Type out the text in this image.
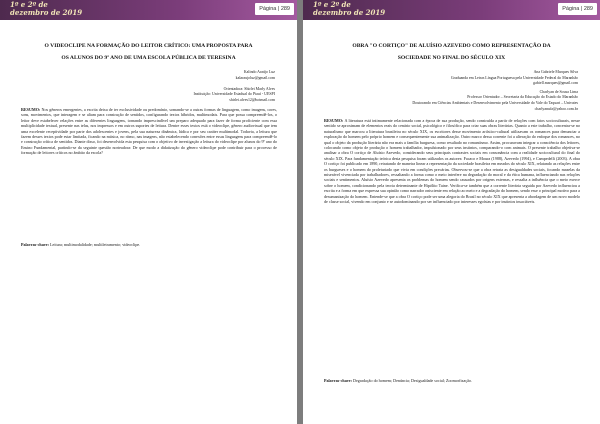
1º e 2º de
dezembro de 2019	Página | 289
O VIDEOCLIPE NA FORMAÇÃO DO LEITOR CRÍTICO: UMA PROPOSTA PARA
OS ALUNOS DO 9º ANO DE UMA ESCOLA PÚBLICA DE TERESINA
Kalindo Araújo Luz
kalaraujoluz@gmail.com
Orientadora: Shirlei Marly Alves
Instituição: Universidade Estadual do Piauí - UESPI
shirlei.alves12@hotmail.com
RESUMO: Nos gêneros emergentes, a escrita deixa de ter exclusividade ou predomínio, somando-se a outras formas de linguagem, como imagens, cores, sons, movimentos, que interagem e se aliam para construção de sentidos, configurando textos híbridos, multimodais. Para que possa compreendê-los, o leitor deve estabelecer relações entre as diferentes linguagens, tornando imprescindível um preparo adequado para fazer de forma proficiente com essa multiplicidade textual, presente nas telas, nos impressos e em outros suportes de leitura. Dentre esses textos está o videoclipe, gênero audiovisual que tem uma excelente receptividade por parte dos adolescentes e jovens, pela sua natureza dinâmica, lúdica e por seu caráter multimodal. Todavia, a leitura que fazem desses textos pode estar limitada, ficando na música, no ritmo, nas imagens, não estabelecendo conexões entre essas linguagens para compreendê-lo e construção crítica de sentidos. Diante disso, foi desenvolvida esta pesquisa com o objetivo de investigação a leitura do videoclipe por alunos do 9º ano do Ensino Fundamental, partindo-se da seguinte questão norteadora: De que modo a didatização do gênero videoclipe pode contribuir para o processo de formação de leitores críticos no âmbito da escola?
Palavras-chave: Leitura; multimodalidade; multiletramento; videoclipe.
1º e 2º de
dezembro de 2019	Página | 289
OBRA "O CORTIÇO" DE ALUÍSIO AZEVEDO COMO REPRESENTAÇÃO DA
SOCIEDADE NO FINAL DO SÉCULO XIX
Ana Gabriele Marques Silva
Graduanda em Letras Língua Portuguesa pela Universidade Federal do Maranhão
gabiell.marques@gmail.com
Charlyan de Sousa Lima
Professor Orientador – Secretaria da Educação do Estado do Maranhão
Doutorando em Ciências Ambientais e Desenvolvimento pela Universidade do Vale do Taquari – Univates
charlyanufa@yahoo.com.br
RESUMO: A literatura está intimamente relacionada com a época de sua produção, sendo construída a partir de relações com fatos socioculturais, nesse sentido se aproximam de elementos reais do cenário social, psicológico e filosófico para criar suas obras literárias. Quanto a este trabalho, concentra-se no naturalismo que marcou a literatura brasileira no século XIX, os escritores desse movimento artístico-cultural utilizavam os romances para denunciar a exploração do homem pelo próprio homem e consequentemente sua animalização. Outro marco dessa corrente foi a alteração do enfoque dos romances, no qual o objeto da produção literária não era mais a família burguesa, como resultado no romantismo. Assim, procuravam integrar a consciência dos leitores, colocando como objeto de produção o homem trabalhador, impulsionado por seus instintos, comparando-o com animais. O presente trabalho objetiva-se analisar a obra O cortiço de Aluísio Azevedo, considerando seus principais contrastes sociais em consonância com a realidade sociocultural do final do século XIX. Para fundamentação teórica desta pesquisa foram utilizados os autores: Facaco e Moura (1988), Azevedo (1994), e Campedelli (2003). A obra O cortiço foi publicado em 1890, retratando de maneira linear a representação da sociedade brasileira em meados do século XIX, relatando as relações entre os burgueses e o homem do proletariado que vivia em condições precárias. Observou-se que a obra retrata as desigualdades sociais, focando mazelas da miserável vivenciada por trabalhadores, ressaltando a forma como o meio interfere na degradação do moral e da ética humana, influenciando nas relações sociais e sentimentos. Aluísio Azevedo apresenta os problemas do homem sendo causados por origens externas, e ressalta a influência que o meio exerce sobre o homem, condicionando pela teoria determinante de Hipólito Taine. Verifica-se também que a corrente literária seguida por Azevedo influenciou a escrita e a forma em que expressa sua opinião como narrador onisciente em relação ao meio e a degradação do homem, sendo esse o principal motivo para a desumanização do homem. Entende-se que a obra O cortiço pode ser uma alegoria do Brasil no século XIX que apresenta a abordagem de um novo modelo de classe social, vivendo em conjunto e se autodominando por ser influenciado por interesses egoístas e por instintos insaciáveis.
Palavras-chave: Degradação do homem; Denúncia; Desigualdade social; Zoomorfização.
